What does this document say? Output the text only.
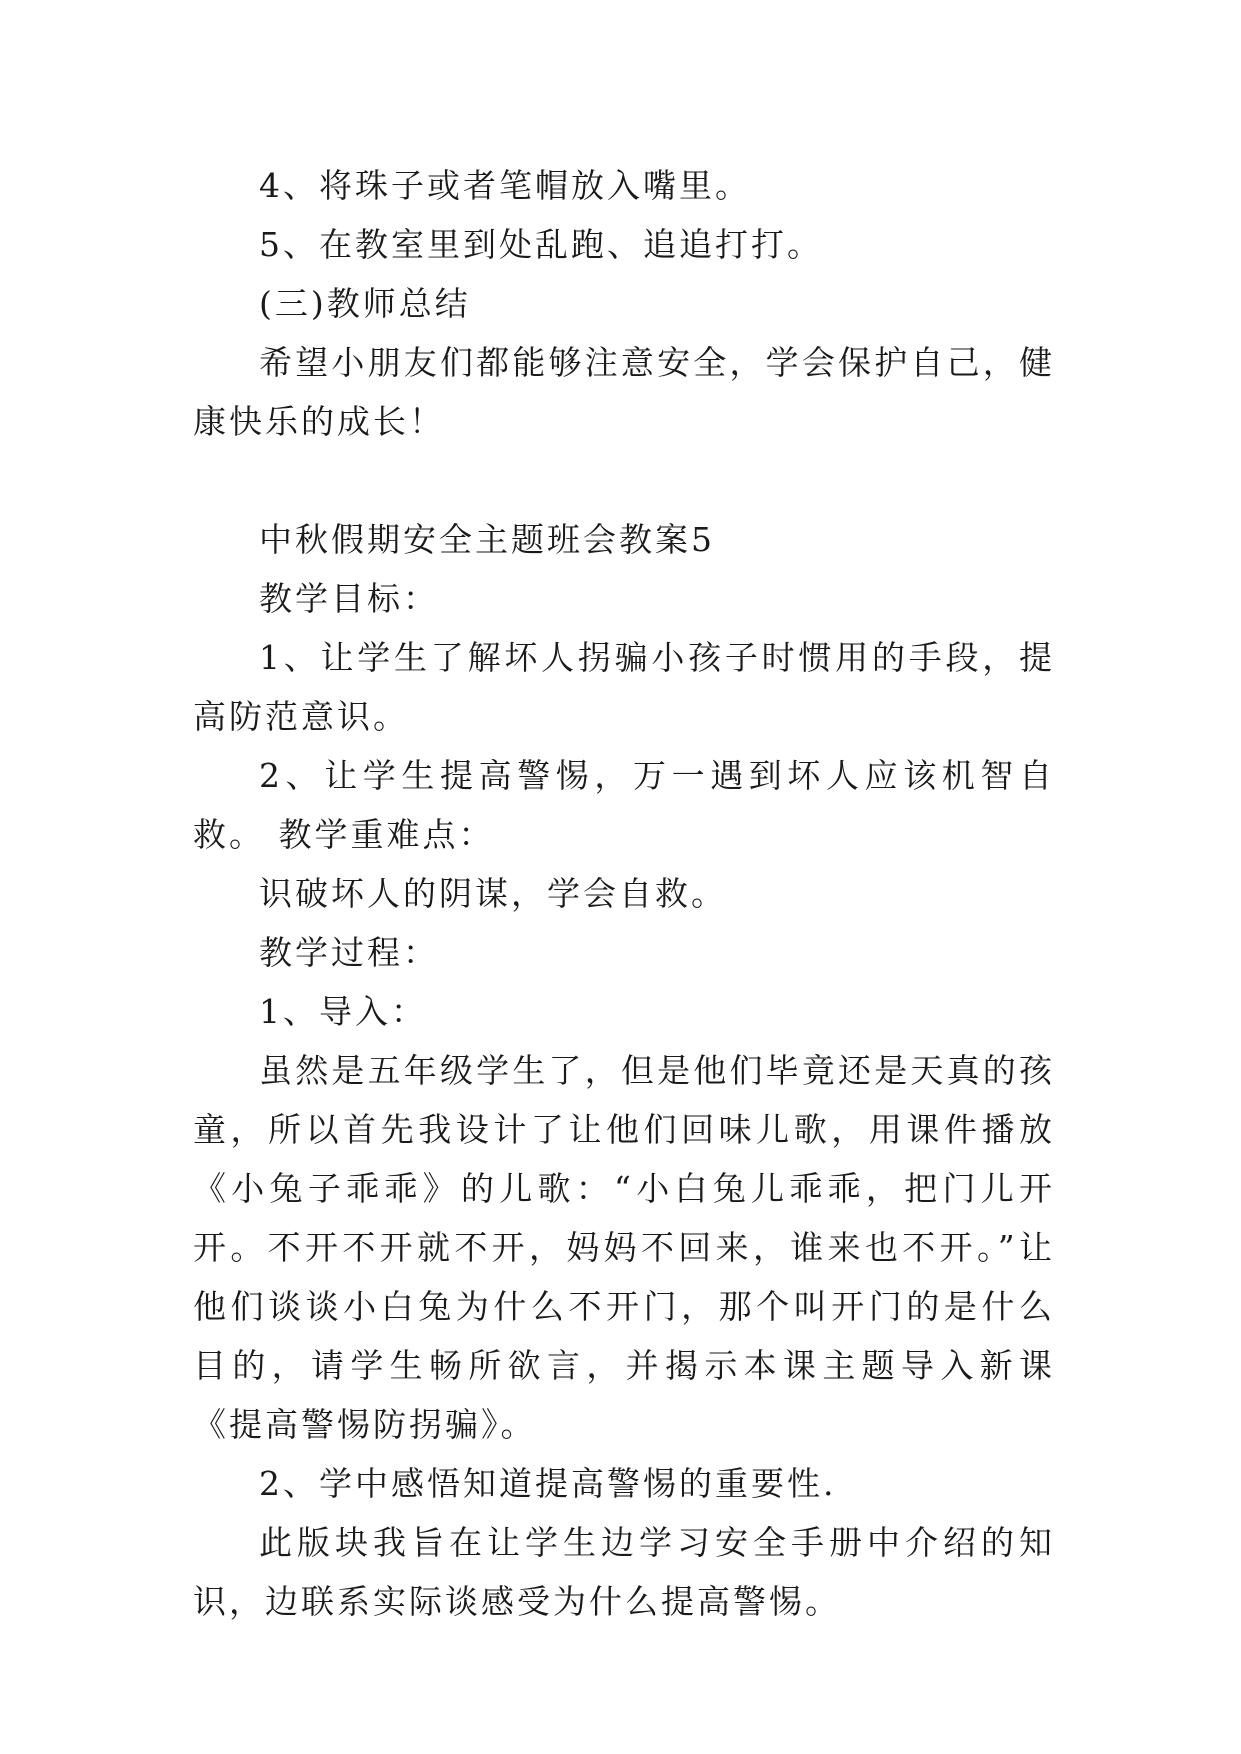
4、将珠子或者笔帽放入嘴里。

5、在教室里到处乱跑、追追打打。

(三)教师总结

希望小朋友们都能够注意安全，学会保护自己，健康快乐的成长！

中秋假期安全主题班会教案5

教学目标：

1、让学生了解坏人拐骗小孩子时惯用的手段，提高防范意识。

2、让学生提高警惕，万一遇到坏人应该机智自救。 教学重难点：

识破坏人的阴谋，学会自救。

教学过程：

1、导入：

虽然是五年级学生了，但是他们毕竟还是天真的孩童，所以首先我设计了让他们回味儿歌，用课件播放《小兔子乖乖》的儿歌：“小白兔儿乖乖，把门儿开开。不开不开就不开，妈妈不回来，谁来也不开。”让他们谈谈小白兔为什么不开门，那个叫开门的是什么目的，请学生畅所欲言，并揭示本课主题导入新课《提高警惕防拐骗》。

2、学中感悟知道提高警惕的重要性.

此版块我旨在让学生边学习安全手册中介绍的知识，边联系实际谈感受为什么提高警惕。
